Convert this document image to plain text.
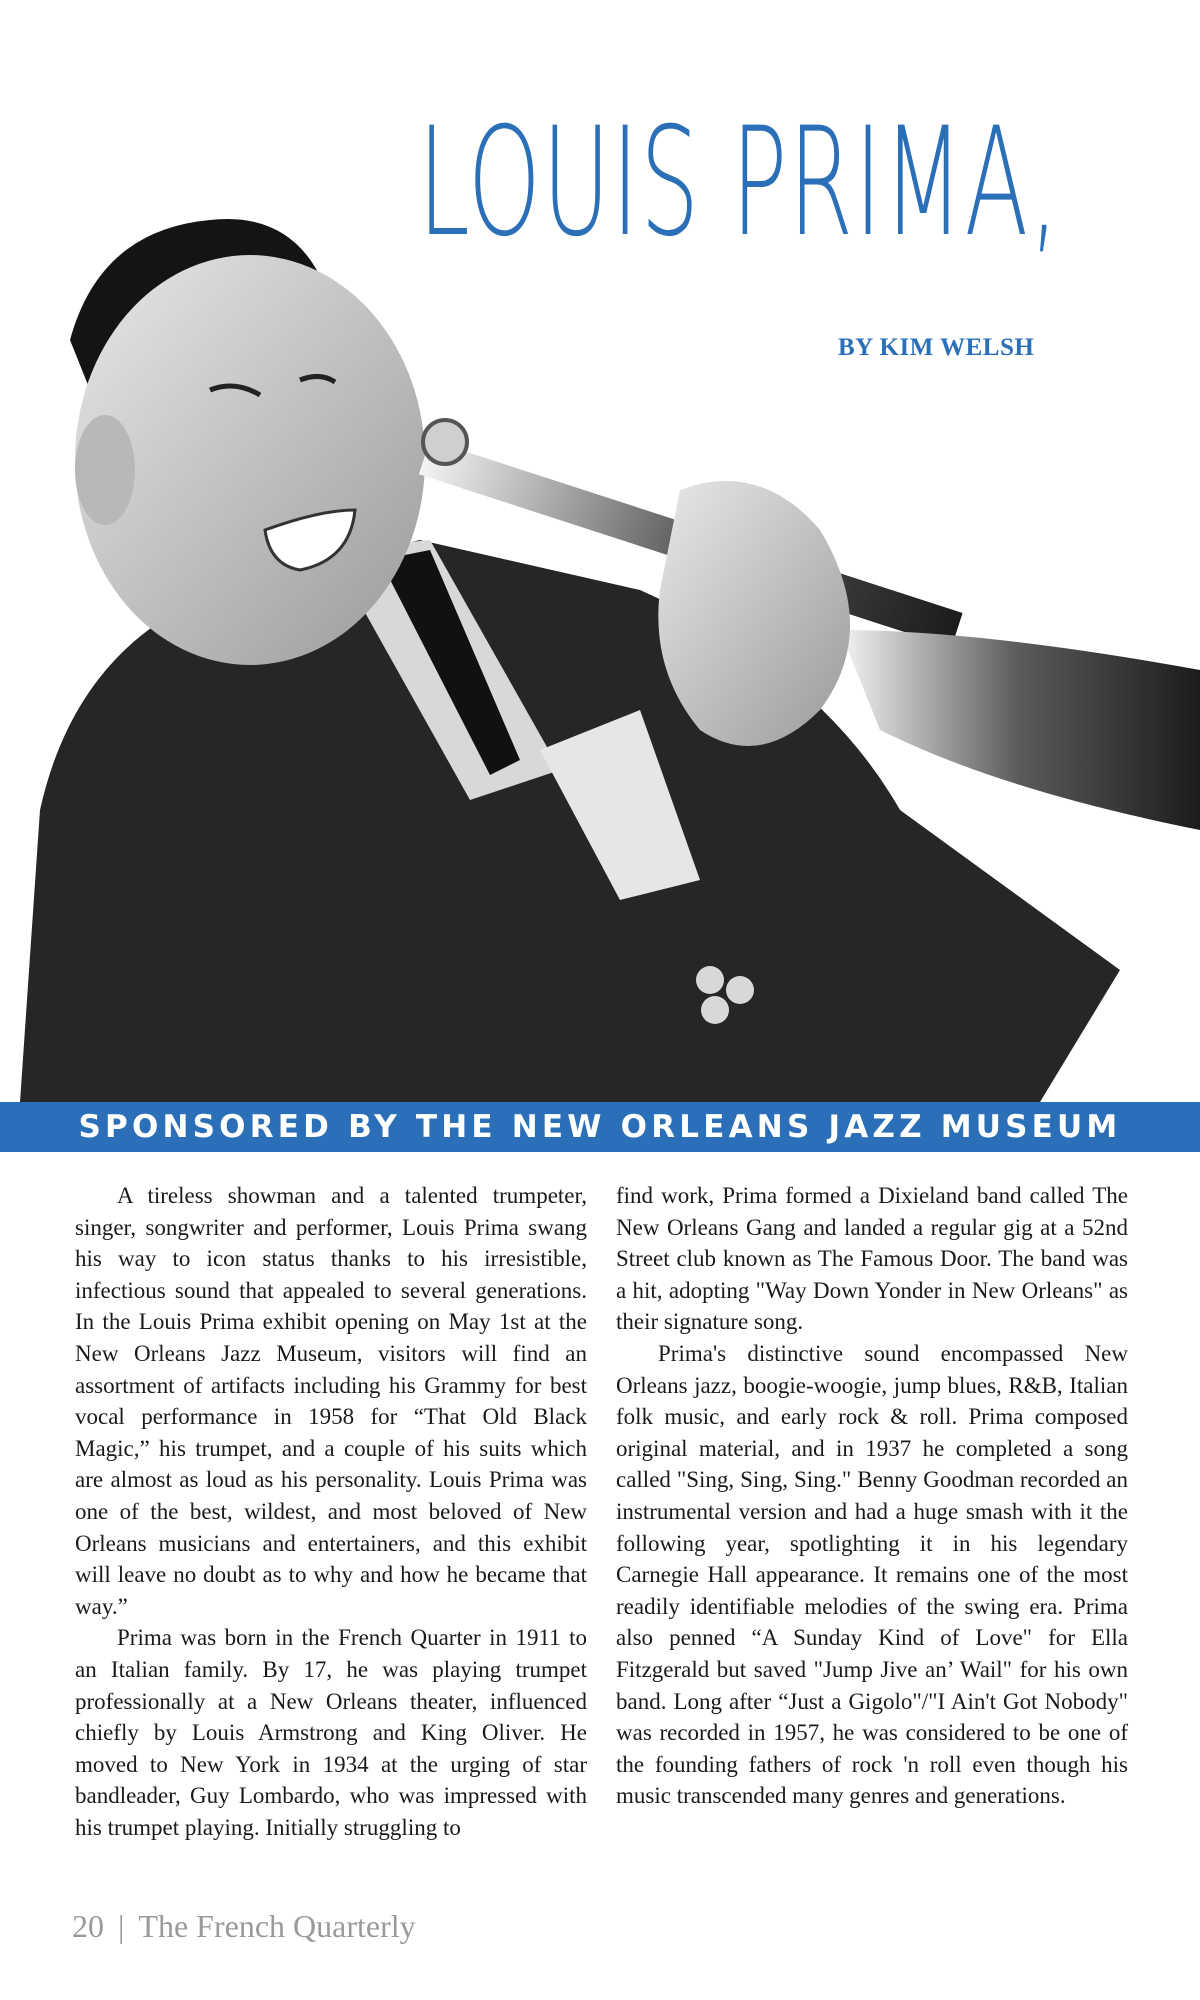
LOUIS PRIMA,
BY KIM WELSH
SPONSORED BY THE NEW ORLEANS JAZZ MUSEUM

A tireless showman and a talented trumpeter, singer, songwriter and performer, Louis Prima swang his way to icon status thanks to his irresistible, infectious sound that appealed to several generations. In the Louis Prima exhibit opening on May 1st at the New Orleans Jazz Museum, visitors will find an assortment of artifacts including his Grammy for best vocal performance in 1958 for “That Old Black Magic,” his trumpet, and a couple of his suits which are almost as loud as his personality. Louis Prima was one of the best, wildest, and most beloved of New Orleans musicians and entertainers, and this exhibit will leave no doubt as to why and how he became that way.”

Prima was born in the French Quarter in 1911 to an Italian family. By 17, he was playing trumpet professionally at a New Orleans theater, influenced chiefly by Louis Armstrong and King Oliver. He moved to New York in 1934 at the urging of star bandleader, Guy Lombardo, who was impressed with his trumpet playing. Initially struggling to

find work, Prima formed a Dixieland band called The New Orleans Gang and landed a regular gig at a 52nd Street club known as The Famous Door. The band was a hit, adopting "Way Down Yonder in New Orleans" as their signature song.

Prima's distinctive sound encompassed New Orleans jazz, boogie-woogie, jump blues, R&B, Italian folk music, and early rock & roll. Prima composed original material, and in 1937 he completed a song called "Sing, Sing, Sing." Benny Goodman recorded an instrumental version and had a huge smash with it the following year, spotlighting it in his legendary Carnegie Hall appearance. It remains one of the most readily identifiable melodies of the swing era. Prima also penned “A Sunday Kind of Love" for Ella Fitzgerald but saved "Jump Jive an’ Wail" for his own band. Long after “Just a Gigolo"/"I Ain't Got Nobody" was recorded in 1957, he was considered to be one of the founding fathers of rock 'n roll even though his music transcended many genres and generations.

20 | The French Quarterly
